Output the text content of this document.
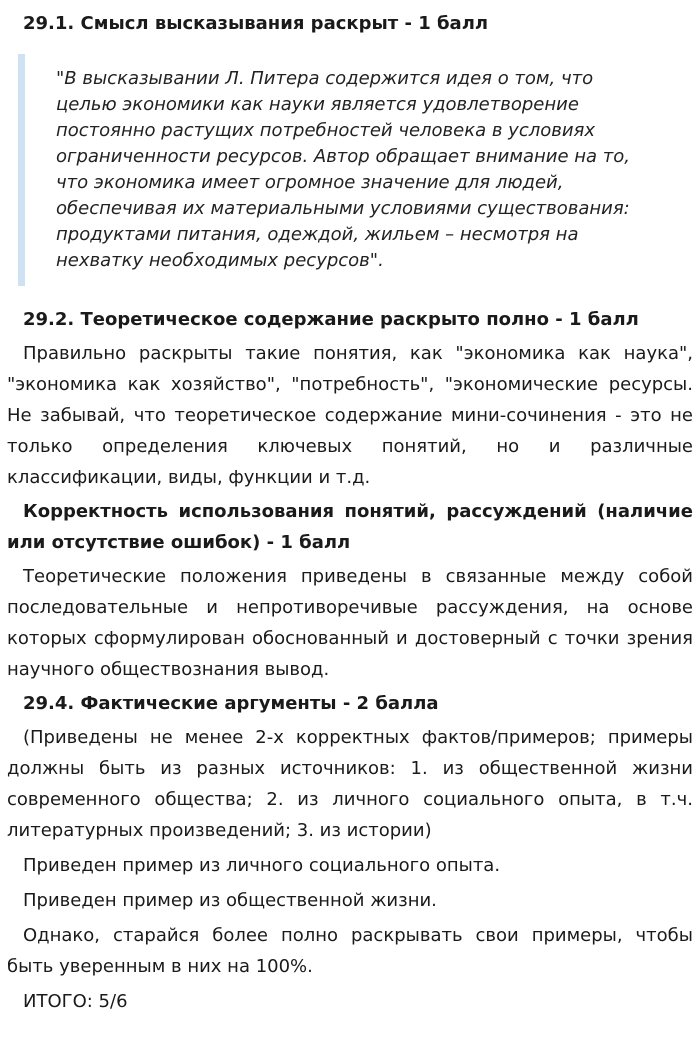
29.1. Смысл высказывания раскрыт - 1 балл

"В высказывании Л. Питера содержится идея о том, что целью экономики как науки является удовлетворение постоянно растущих потребностей человека в условиях ограниченности ресурсов. Автор обращает внимание на то, что экономика имеет огромное значение для людей, обеспечивая их материальными условиями существования: продуктами питания, одеждой, жильем – несмотря на нехватку необходимых ресурсов".

29.2. Теоретическое содержание раскрыто полно - 1 балл

Правильно раскрыты такие понятия, как "экономика как наука", "экономика как хозяйство", "потребность", "экономические ресурсы. Не забывай, что теоретическое содержание мини-сочинения - это не только определения ключевых понятий, но и различные классификации, виды, функции и т.д.

Корректность использования понятий, рассуждений (наличие или отсутствие ошибок) - 1 балл

Теоретические положения приведены в связанные между собой последовательные и непротиворечивые рассуждения, на основе которых сформулирован обоснованный и достоверный с точки зрения научного обществознания вывод.

29.4. Фактические аргументы - 2 балла

(Приведены не менее 2-х корректных фактов/примеров; примеры должны быть из разных источников: 1. из общественной жизни современного общества; 2. из личного социального опыта, в т.ч. литературных произведений; 3. из истории)

Приведен пример из личного социального опыта.

Приведен пример из общественной жизни.

Однако, старайся более полно раскрывать свои примеры, чтобы быть уверенным в них на 100%.

ИТОГО: 5/6
